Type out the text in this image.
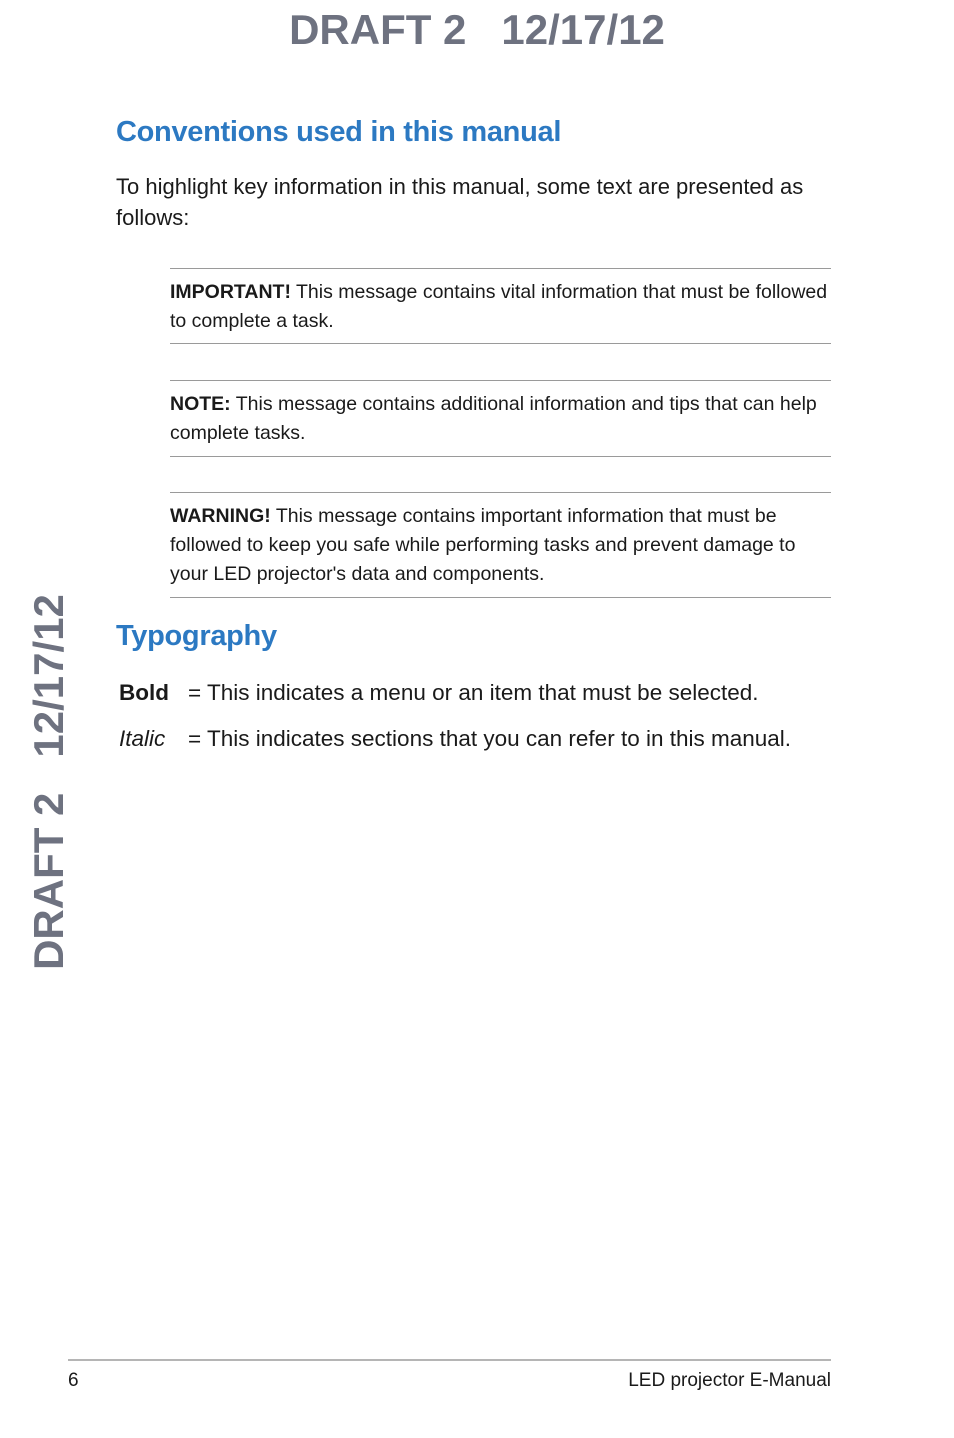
DRAFT 2   12/17/12
DRAFT 2   12/17/12
Conventions used in this manual

To highlight key information in this manual, some text are presented as follows:

IMPORTANT! This message contains vital information that must be followed to complete a task.

NOTE: This message contains additional information and tips that can help complete tasks.

WARNING! This message contains important information that must be followed to keep you safe while performing tasks and prevent damage to your LED projector's data and components.

Typography
Bold = This indicates a menu or an item that must be selected.
Italic = This indicates sections that you can refer to in this manual.
6	LED projector E-Manual
